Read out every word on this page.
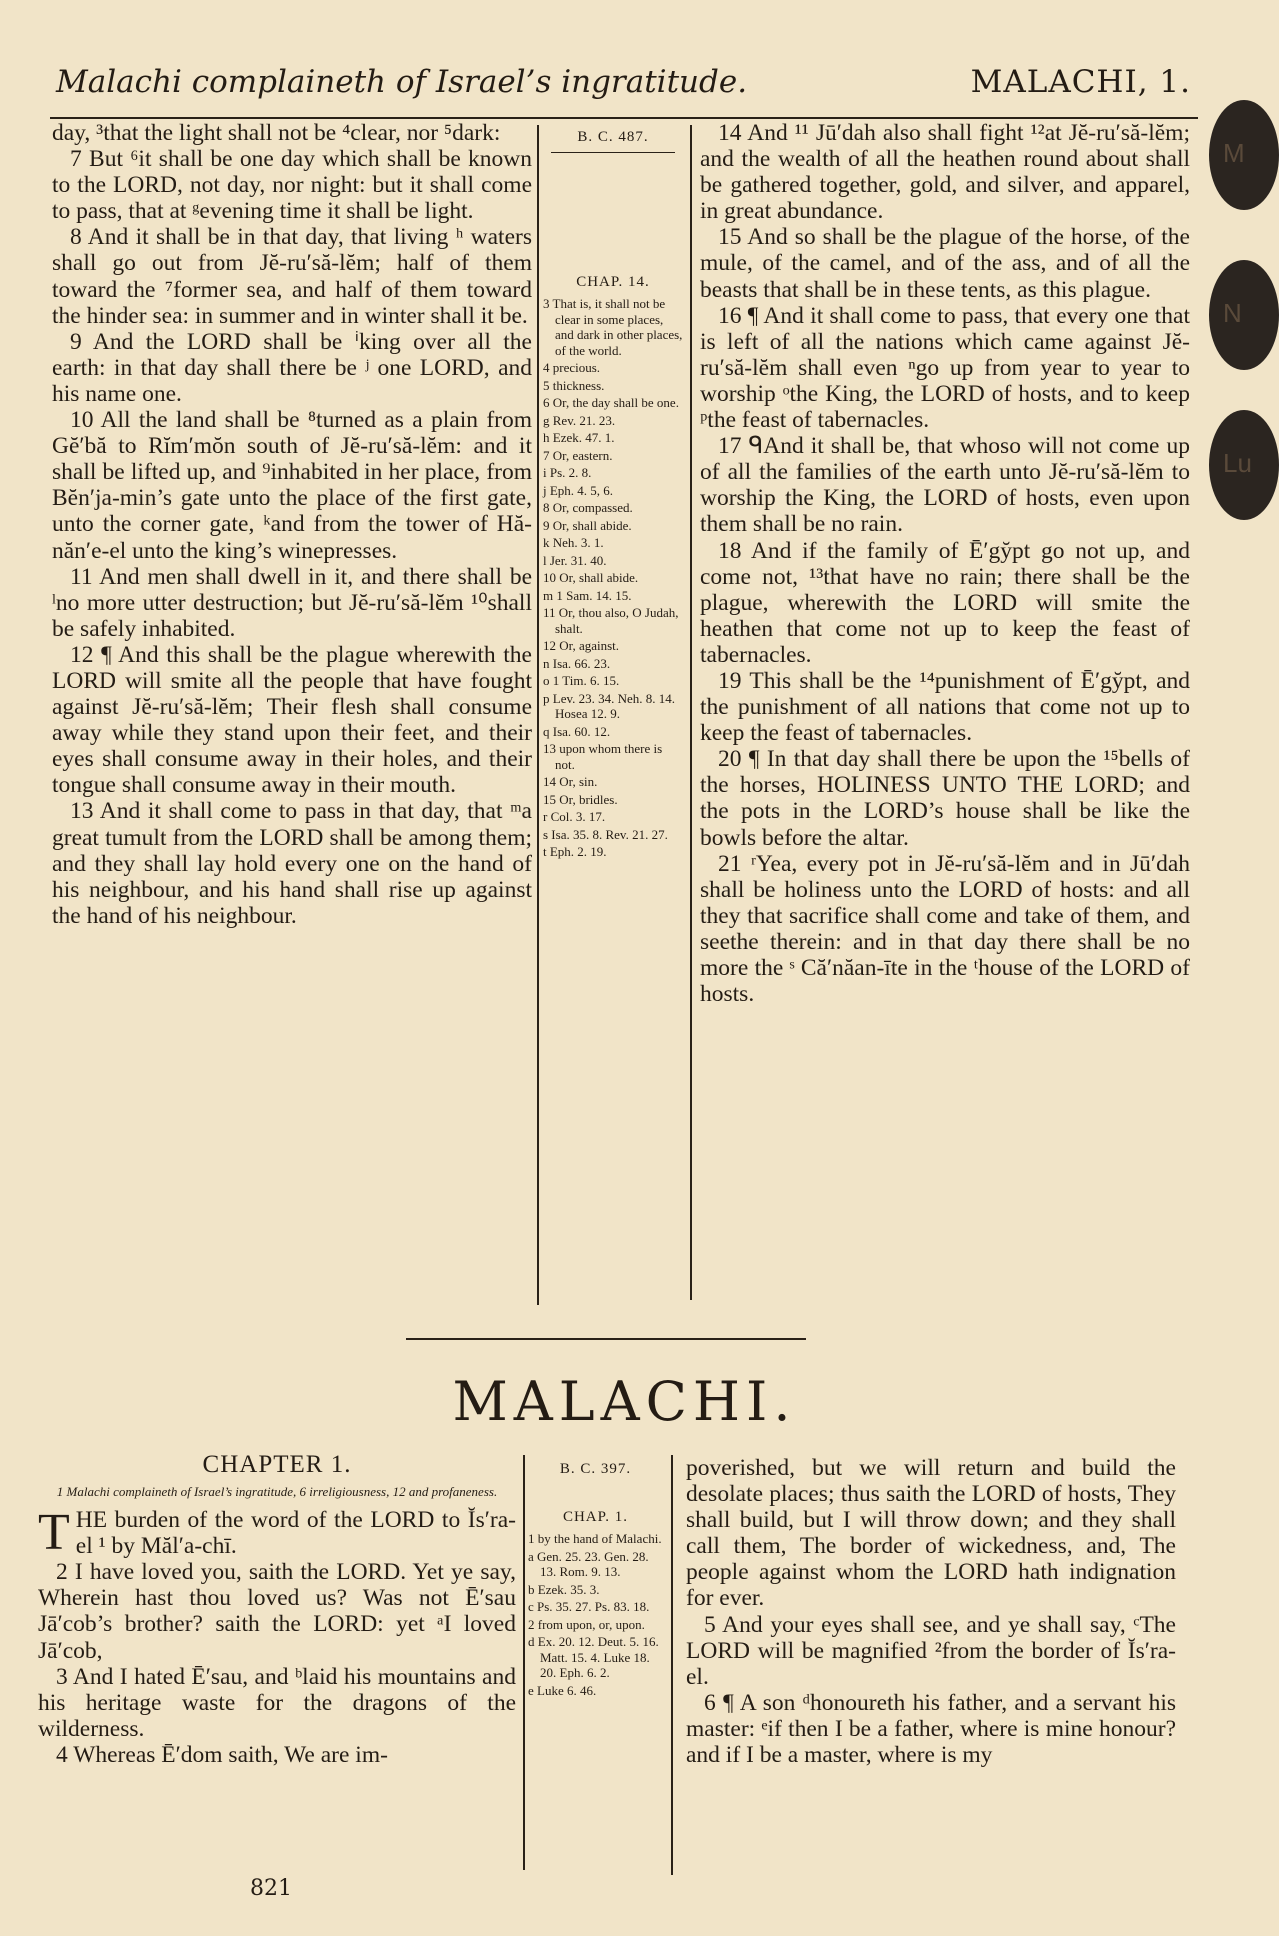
Malachi complaineth of Israel’s ingratitude.	MALACHI, 1.
M
N
Lu

day, ³that the light shall not be ⁴clear, nor ⁵dark:

7 But ⁶it shall be one day which shall be known to the LORD, not day, nor night: but it shall come to pass, that at ᵍevening time it shall be light.

8 And it shall be in that day, that living ʰ waters shall go out from Jĕ-ru′să-lĕm; half of them toward the ⁷former sea, and half of them toward the hinder sea: in summer and in winter shall it be.

9 And the LORD shall be ⁱking over all the earth: in that day shall there be ʲ one LORD, and his name one.

10 All the land shall be ⁸turned as a plain from Gĕ′bă to Rĭm′mŏn south of Jĕ-ru′să-lĕm: and it shall be lifted up, and ⁹inhabited in her place, from Bĕn′ja-min’s gate unto the place of the first gate, unto the corner gate, ᵏand from the tower of Hă-năn′e-el unto the king’s winepresses.

11 And men shall dwell in it, and there shall be ˡno more utter destruction; but Jĕ-ru′să-lĕm ¹⁰shall be safely inhabited.

12 ¶ And this shall be the plague wherewith the LORD will smite all the people that have fought against Jĕ-ru′să-lĕm; Their flesh shall consume away while they stand upon their feet, and their eyes shall consume away in their holes, and their tongue shall consume away in their mouth.

13 And it shall come to pass in that day, that ᵐa great tumult from the LORD shall be among them; and they shall lay hold every one on the hand of his neighbour, and his hand shall rise up against the hand of his neighbour.

B. C. 487.
CHAP. 14.
3 That is, it shall not be clear in some places, and dark in other places, of the world.
4 precious.
5 thickness.
6 Or, the day shall be one.
g Rev. 21. 23.
h Ezek. 47. 1.
7 Or, eastern.
i Ps. 2. 8.
j Eph. 4. 5, 6.
8 Or, compassed.
9 Or, shall abide.
k Neh. 3. 1.
l Jer. 31. 40.
10 Or, shall abide.
m 1 Sam. 14. 15.
11 Or, thou also, O Judah, shalt.
12 Or, against.
n Isa. 66. 23.
o 1 Tim. 6. 15.
p Lev. 23. 34. Neh. 8. 14. Hosea 12. 9.
q Isa. 60. 12.
13 upon whom there is not.
14 Or, sin.
15 Or, bridles.
r Col. 3. 17.
s Isa. 35. 8. Rev. 21. 27.
t Eph. 2. 19.

14 And ¹¹ Jū′dah also shall fight ¹²at Jĕ-ru′să-lĕm; and the wealth of all the heathen round about shall be gathered together, gold, and silver, and apparel, in great abundance.

15 And so shall be the plague of the horse, of the mule, of the camel, and of the ass, and of all the beasts that shall be in these tents, as this plague.

16 ¶ And it shall come to pass, that every one that is left of all the nations which came against Jĕ-ru′să-lĕm shall even ⁿgo up from year to year to worship ᵒthe King, the LORD of hosts, and to keep ᵖthe feast of tabernacles.

17 ᑫAnd it shall be, that whoso will not come up of all the families of the earth unto Jĕ-ru′să-lĕm to worship the King, the LORD of hosts, even upon them shall be no rain.

18 And if the family of Ē′gy̆pt go not up, and come not, ¹³that have no rain; there shall be the plague, wherewith the LORD will smite the heathen that come not up to keep the feast of tabernacles.

19 This shall be the ¹⁴punishment of Ē′gy̆pt, and the punishment of all nations that come not up to keep the feast of tabernacles.

20 ¶ In that day shall there be upon the ¹⁵bells of the horses, HOLINESS UNTO THE LORD; and the pots in the LORD’s house shall be like the bowls before the altar.

21 ʳYea, every pot in Jĕ-ru′să-lĕm and in Jū′dah shall be holiness unto the LORD of hosts: and all they that sacrifice shall come and take of them, and seethe therein: and in that day there shall be no more the ˢ Că′năan-īte in the ᵗhouse of the LORD of hosts.

MALACHI.
CHAPTER 1.
1 Malachi complaineth of Israel’s ingratitude, 6 irreligiousness, 12 and profaneness.

THE burden of the word of the LORD to Ĭs′ra-el ¹ by Măl′a-chī.

2 I have loved you, saith the LORD. Yet ye say, Wherein hast thou loved us? Was not Ē′sau Jā′cob’s brother? saith the LORD: yet ᵃI loved Jā′cob,

3 And I hated Ē′sau, and ᵇlaid his mountains and his heritage waste for the dragons of the wilderness.

4 Whereas Ē′dom saith, We are im-

B. C. 397.
CHAP. 1.
1 by the hand of Malachi.
a Gen. 25. 23. Gen. 28. 13. Rom. 9. 13.
b Ezek. 35. 3.
c Ps. 35. 27. Ps. 83. 18.
2 from upon, or, upon.
d Ex. 20. 12. Deut. 5. 16. Matt. 15. 4. Luke 18. 20. Eph. 6. 2.
e Luke 6. 46.

poverished, but we will return and build the desolate places; thus saith the LORD of hosts, They shall build, but I will throw down; and they shall call them, The border of wickedness, and, The people against whom the LORD hath indignation for ever.

5 And your eyes shall see, and ye shall say, ᶜThe LORD will be magnified ²from the border of Ĭs′ra-el.

6 ¶ A son ᵈhonoureth his father, and a servant his master: ᵉif then I be a father, where is mine honour? and if I be a master, where is my

821
